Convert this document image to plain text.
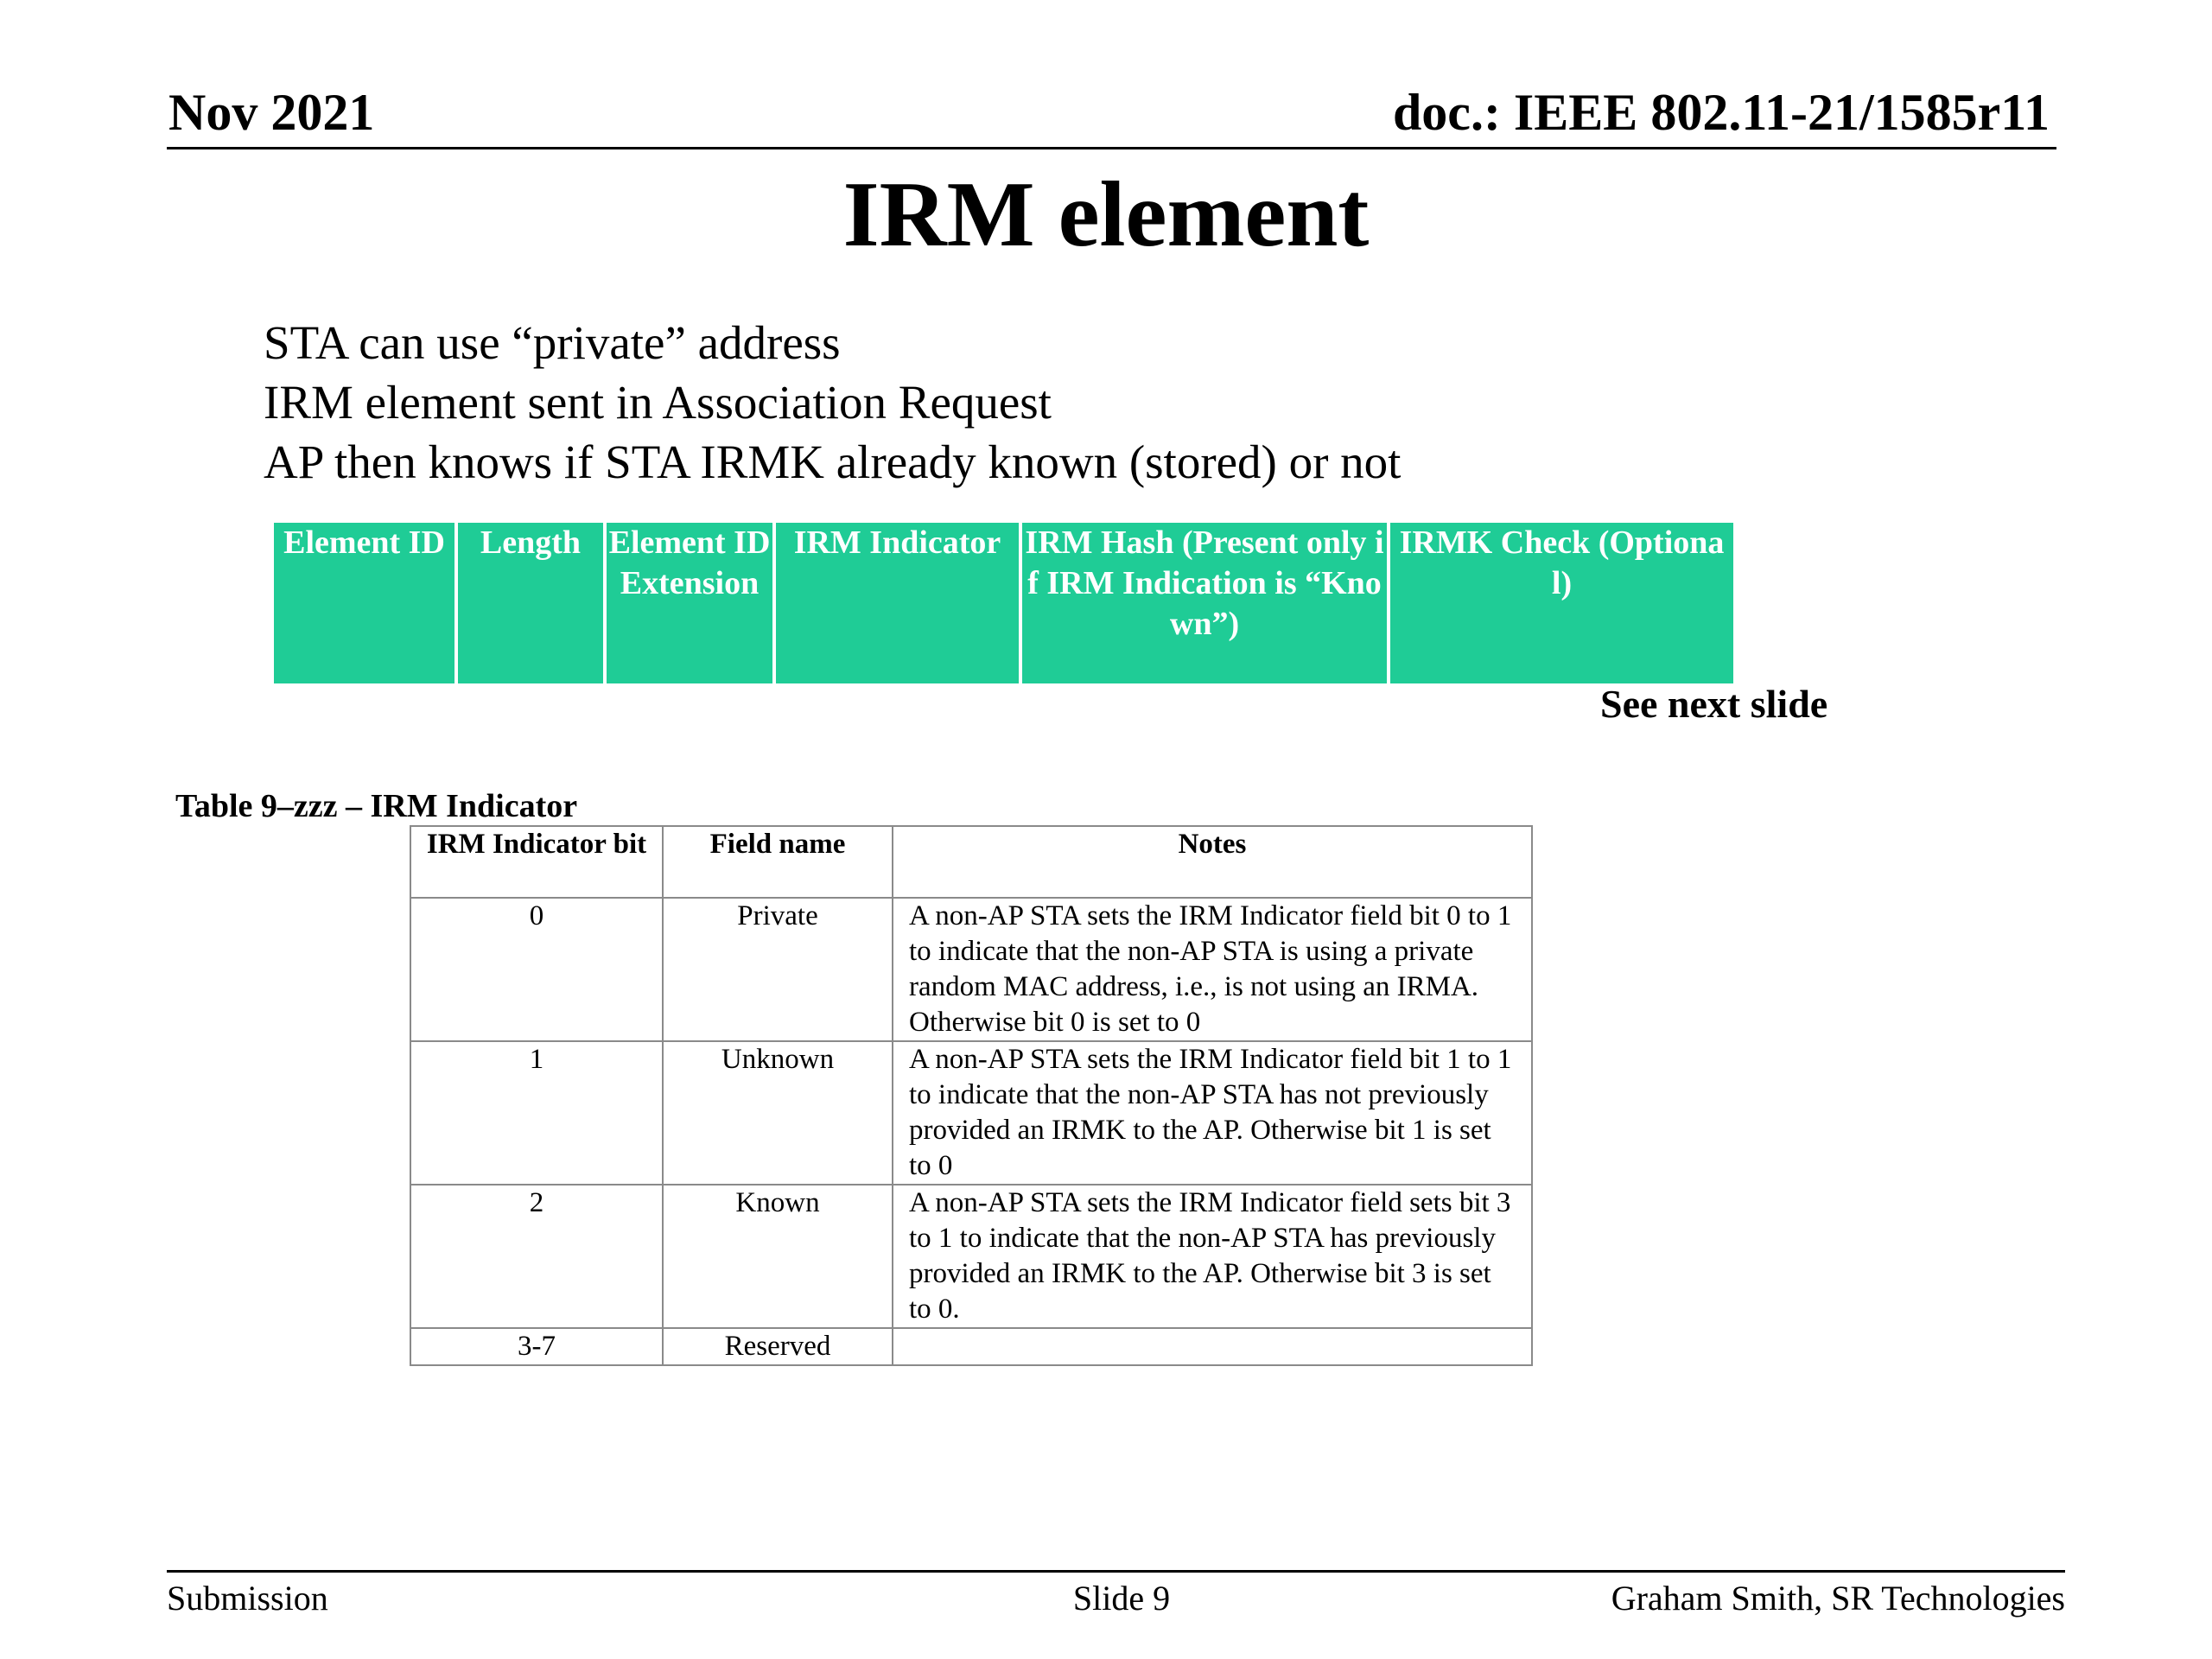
Nov 2021	doc.: IEEE 802.11-21/1585r11
IRM element
STA can use “private” address
IRM element sent in Association Request
AP then knows if STA IRMK already known (stored) or not
Element ID	Length	Element ID Extension	IRM Indicator	IRM Hash (Present only if IRM Indication is “Known”)	IRMK Check (Optional)
See next slide
Table 9–zzz – IRM Indicator
IRM Indicator bit	Field name	Notes
0	Private	A non-AP STA sets the IRM Indicator field bit 0 to 1 to indicate that the non-AP STA is using a private random MAC address, i.e., is not using an IRMA. Otherwise bit 0 is set to 0
1	Unknown	A non-AP STA sets the IRM Indicator field bit 1 to 1 to indicate that the non-AP STA has not previously provided an IRMK to the AP. Otherwise bit 1 is set to 0
2	Known	A non-AP STA sets the IRM Indicator field sets bit 3 to 1 to indicate that the non-AP STA has previously provided an IRMK to the AP. Otherwise bit 3 is set to 0.
3-7	Reserved	
Submission	Slide 9	Graham Smith, SR Technologies
